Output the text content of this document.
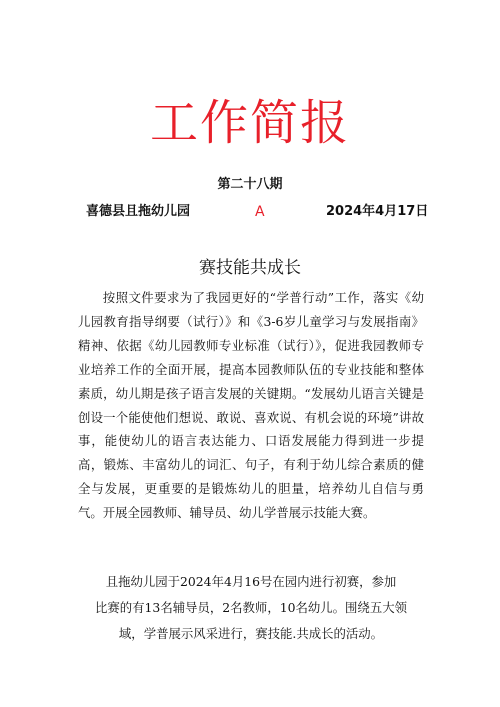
工作简报
第二十八期
喜德县且拖幼儿园	A	2024年4月17日
赛技能共成长

按照文件要求为了我园更好的“学普行动”工作，落实《幼儿园教育指导纲要（试行）》和《3-6岁儿童学习与发展指南》精神、依据《幼儿园教师专业标准（试行）》，促进我园教师专业培养工作的全面开展，提高本园教师队伍的专业技能和整体素质，幼儿期是孩子语言发展的关键期。“发展幼儿语言关键是创设一个能使他们想说、敢说、喜欢说、有机会说的环境”讲故事，能使幼儿的语言表达能力、口语发展能力得到进一步提高，锻炼、丰富幼儿的词汇、句子，有利于幼儿综合素质的健全与发展，更重要的是锻炼幼儿的胆量，培养幼儿自信与勇气。开展全园教师、辅导员、幼儿学普展示技能大赛。

且拖幼儿园于2024年4月16号在园内进行初赛，参加

比赛的有13名辅导员，2名教师，10名幼儿。围绕五大领

域，学普展示风采进行，赛技能.共成长的活动。
